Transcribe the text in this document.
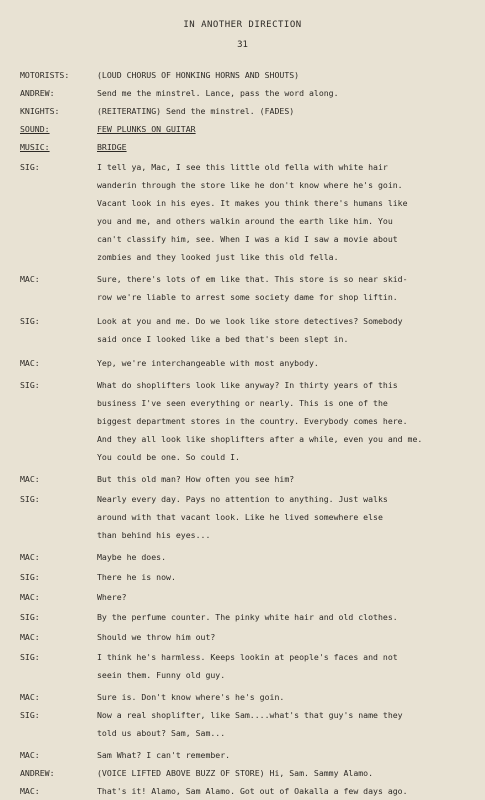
IN ANOTHER DIRECTION
31
MOTORISTS:	(LOUD CHORUS OF HONKING HORNS AND SHOUTS)
ANDREW:	Send me the minstrel. Lance, pass the word along.
KNIGHTS:	(REITERATING) Send the minstrel. (FADES)
SOUND:	FEW PLUNKS ON GUITAR
MUSIC:	BRIDGE
SIG:	I tell ya, Mac, I see this little old fella with white hair
wanderin through the store like he don't know where he's goin.
Vacant look in his eyes. It makes you think there's humans like
you and me, and others walkin around the earth like him. You
can't classify him, see. When I was a kid I saw a movie about
zombies and they looked just like this old fella.
MAC:	Sure, there's lots of em like that. This store is so near skid-
row we're liable to arrest some society dame for shop liftin.
SIG:	Look at you and me. Do we look like store detectives? Somebody
said once I looked like a bed that's been slept in.
MAC:	Yep, we're interchangeable with most anybody.
SIG:	What do shoplifters look like anyway? In thirty years of this
business I've seen everything or nearly. This is one of the
biggest department stores in the country. Everybody comes here.
And they all look like shoplifters after a while, even you and me.
You could be one. So could I.
MAC:	But this old man? How often you see him?
SIG:	Nearly every day. Pays no attention to anything. Just walks
around with that vacant look. Like he lived somewhere else
than behind his eyes...
MAC:	Maybe he does.
SIG:	There he is now.
MAC:	Where?
SIG:	By the perfume counter. The pinky white hair and old clothes.
MAC:	Should we throw him out?
SIG:	I think he's harmless. Keeps lookin at people's faces and not
seein them. Funny old guy.
MAC:	Sure is. Don't know where's he's goin.
SIG:	Now a real shoplifter, like Sam....what's that guy's name they
told us about? Sam, Sam...
MAC:	Sam What? I can't remember.
ANDREW:	(VOICE LIFTED ABOVE BUZZ OF STORE) Hi, Sam. Sammy Alamo.
MAC:	That's it! Alamo, Sam Alamo. Got out of Oakalla a few days ago.
